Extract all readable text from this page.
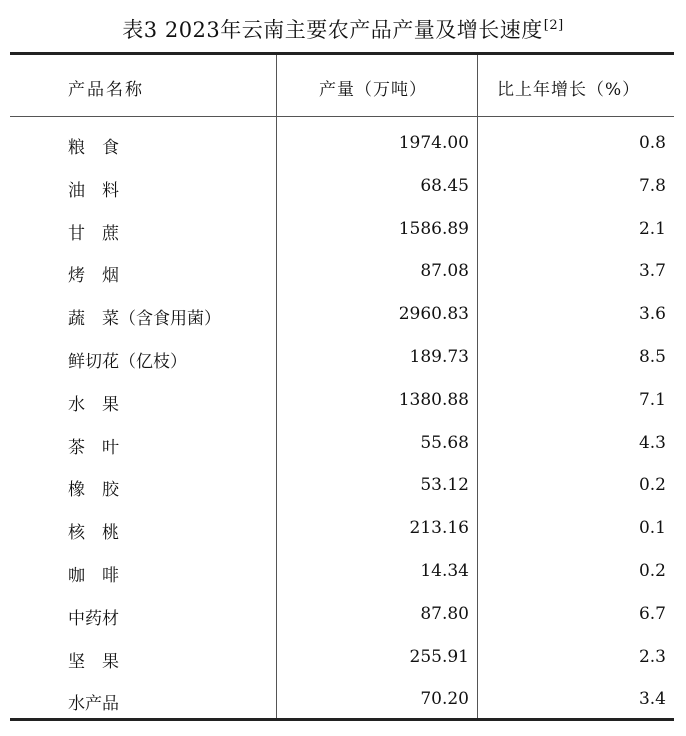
表3 2023年云南主要农产品产量及增长速度[2]
产品名称	产量（万吨）	比上年增长（%）
粮　食	1974.00	0.8
油　料	68.45	7.8
甘　蔗	1586.89	2.1
烤　烟	87.08	3.7
蔬　菜（含食用菌）	2960.83	3.6
鲜切花（亿枝）	189.73	8.5
水　果	1380.88	7.1
茶　叶	55.68	4.3
橡　胶	53.12	0.2
核　桃	213.16	0.1
咖　啡	14.34	0.2
中药材	87.80	6.7
坚　果	255.91	2.3
水产品	70.20	3.4
